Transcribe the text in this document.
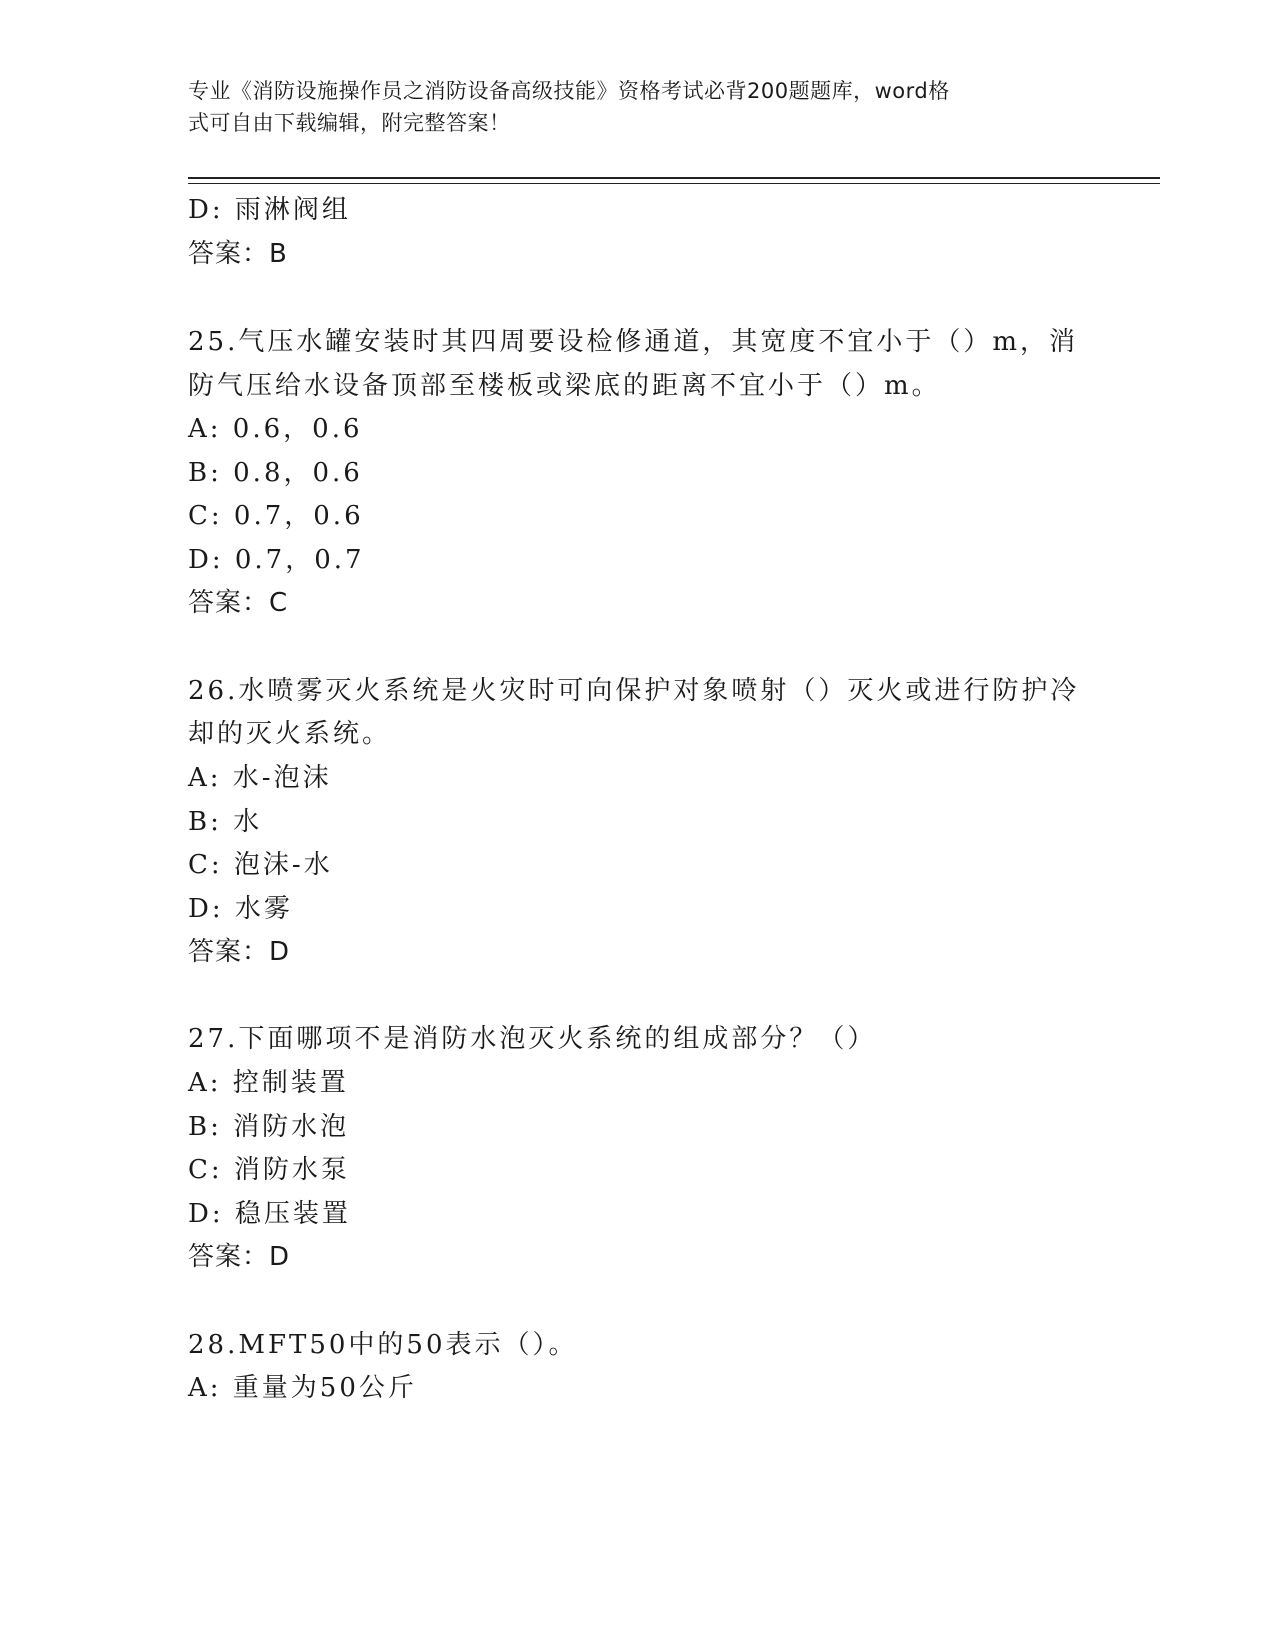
专业《消防设施操作员之消防设备高级技能》资格考试必背200题题库，word格
式可自由下载编辑，附完整答案！
D: 雨淋阀组
答案：B
25.气压水罐安装时其四周要设检修通道，其宽度不宜小于（）m，消
防气压给水设备顶部至楼板或梁底的距离不宜小于（）m。
A: 0.6，0.6
B: 0.8，0.6
C: 0.7，0.6
D: 0.7，0.7
答案：C
26.水喷雾灭火系统是火灾时可向保护对象喷射（）灭火或进行防护冷
却的灭火系统。
A: 水-泡沫
B: 水
C: 泡沫-水
D: 水雾
答案：D
27.下面哪项不是消防水泡灭火系统的组成部分？（）
A: 控制装置
B: 消防水泡
C: 消防水泵
D: 稳压装置
答案：D
28.MFT50中的50表示（）。
A: 重量为50公斤
